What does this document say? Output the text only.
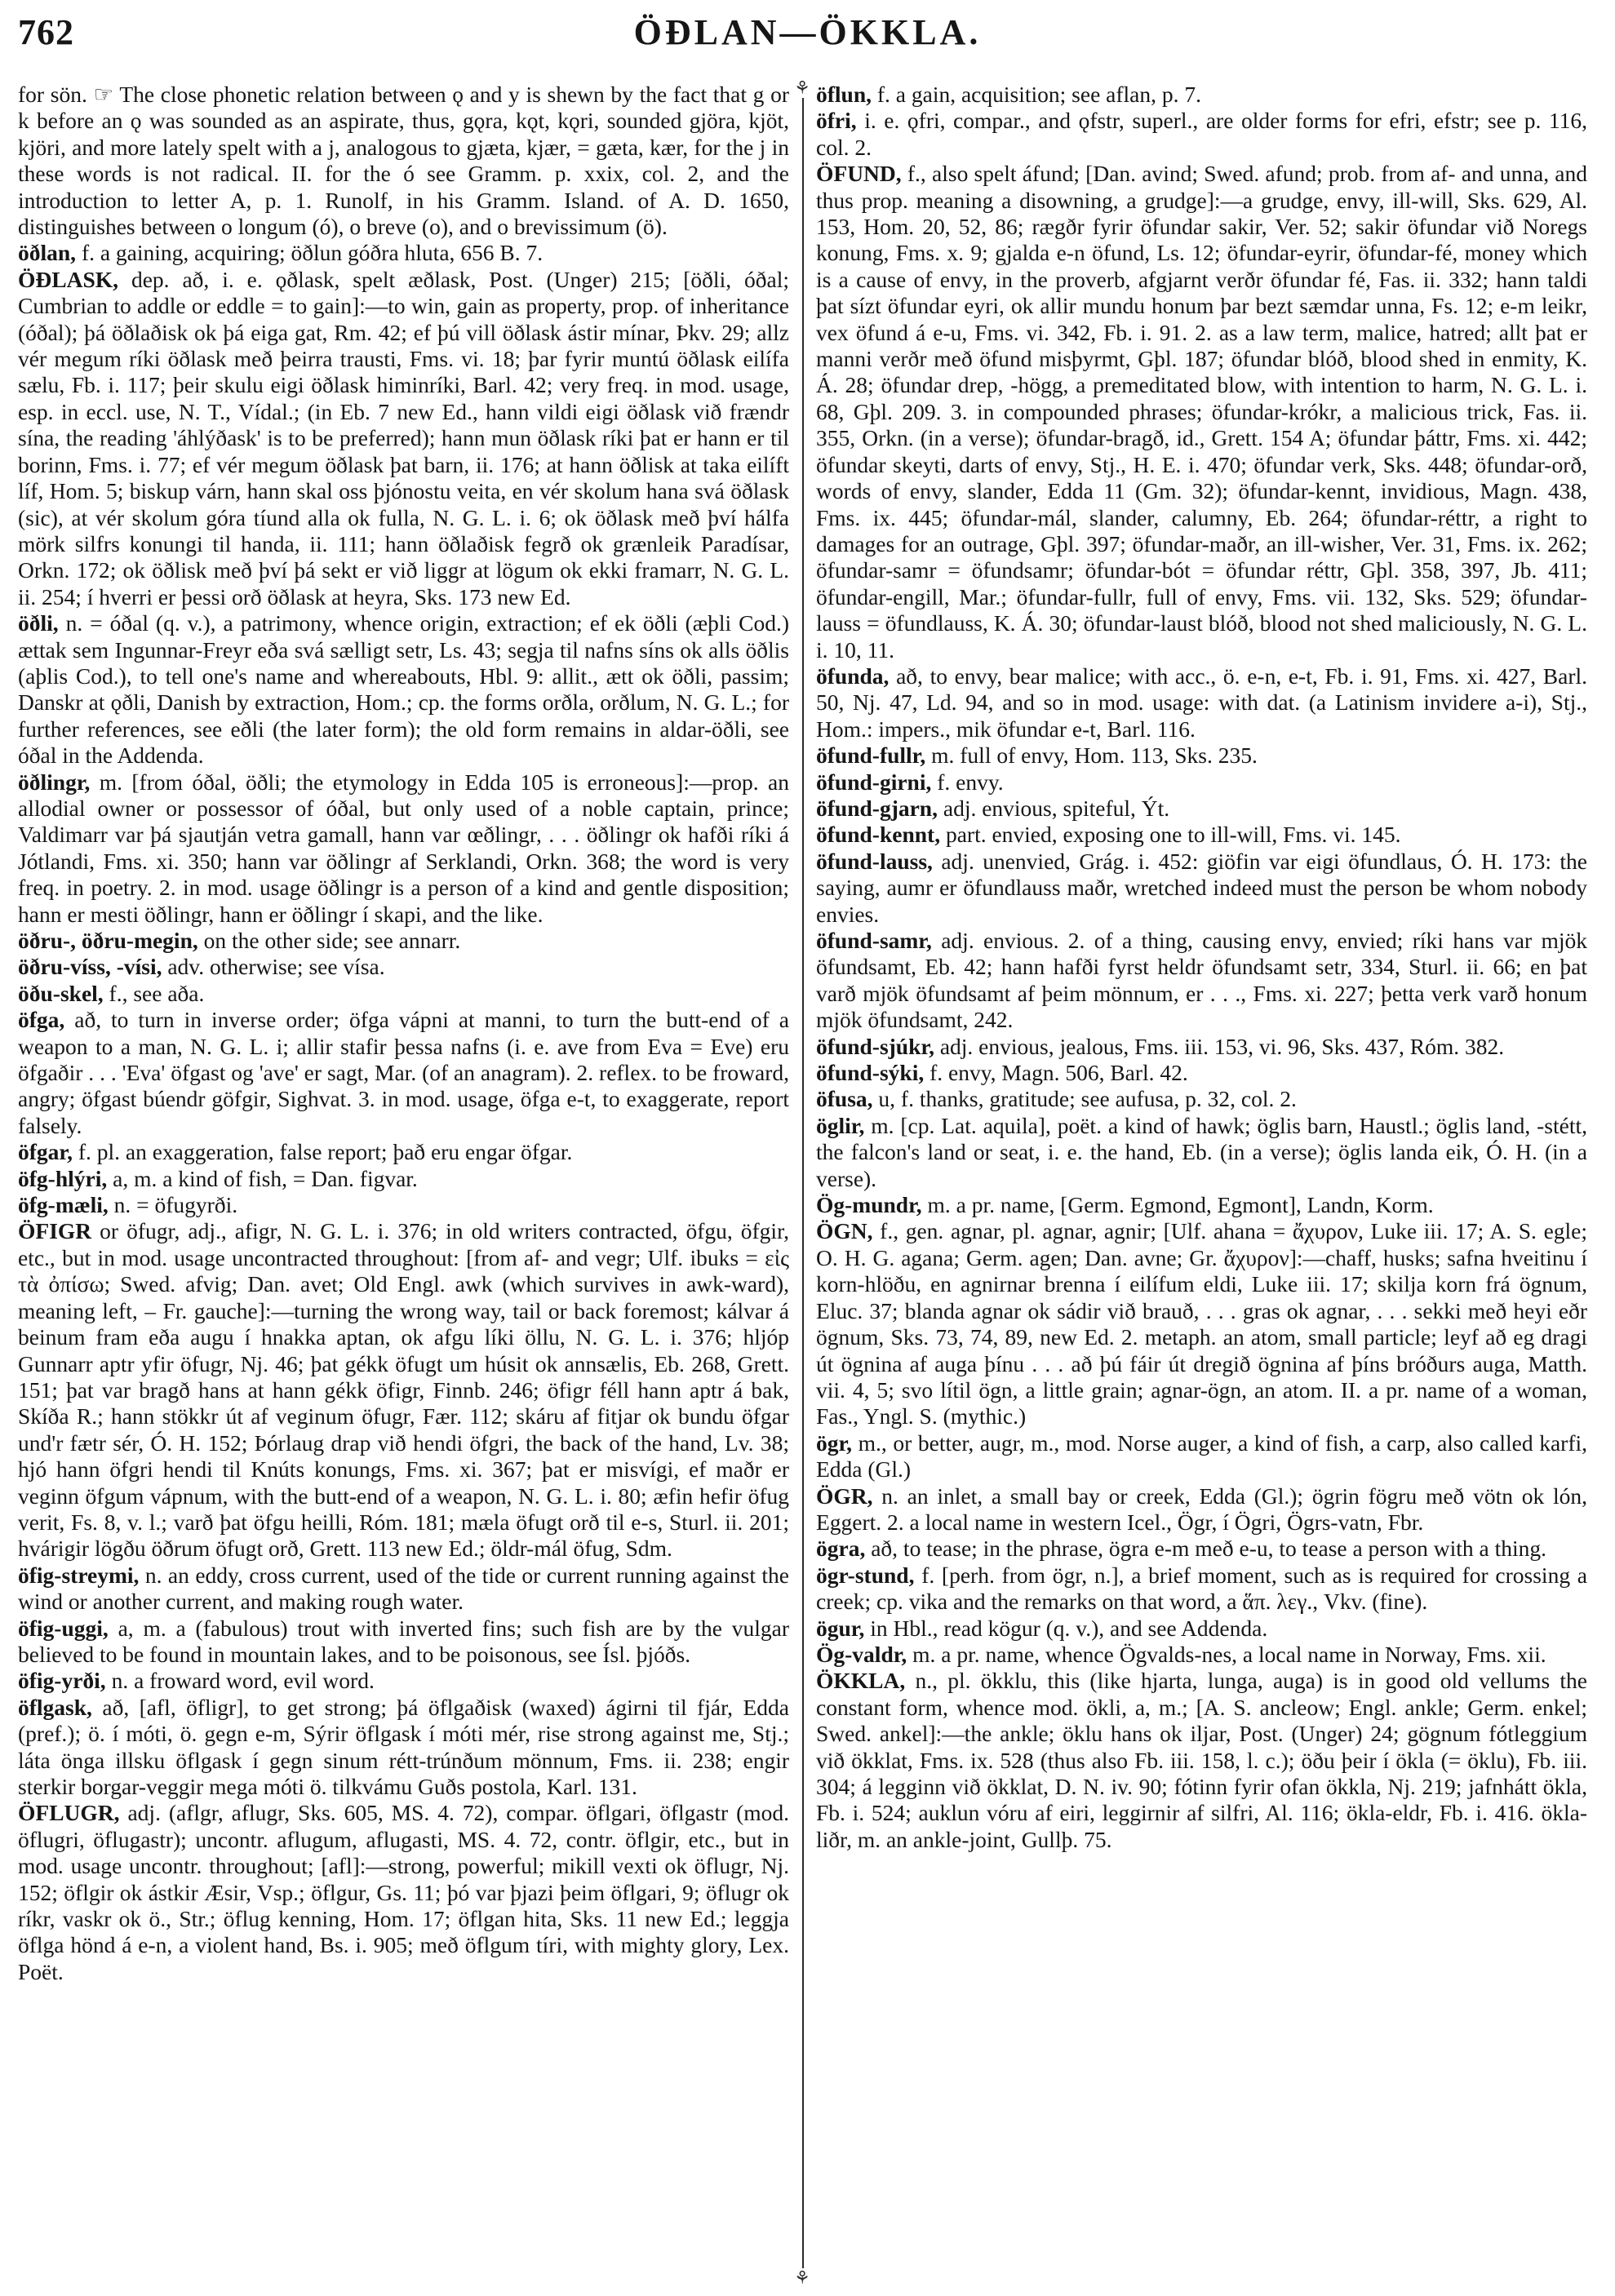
762	ÖÐLAN—ÖKKLA.
⚘
⚘

for sön. ☞ The close phonetic relation between ǫ and y is shewn by the fact that g or k before an ǫ was sounded as an aspirate, thus, gǫra, kǫt, kǫri, sounded gjöra, kjöt, kjöri, and more lately spelt with a j, analogous to gjæta, kjær, = gæta, kær, for the j in these words is not radical. II. for the ó see Gramm. p. xxix, col. 2, and the introduction to letter A, p. 1. Runolf, in his Gramm. Island. of A. D. 1650, distinguishes between o longum (ó), o breve (o), and o brevissimum (ö).

öðlan, f. a gaining, acquiring; öðlun góðra hluta, 656 B. 7.

ÖÐLASK, dep. að, i. e. ǫðlask, spelt æðlask, Post. (Unger) 215; [öðli, óðal; Cumbrian to addle or eddle = to gain]:—to win, gain as property, prop. of inheritance (óðal); þá öðlaðisk ok þá eiga gat, Rm. 42; ef þú vill öðlask ástir mínar, Þkv. 29; allz vér megum ríki öðlask með þeirra trausti, Fms. vi. 18; þar fyrir muntú öðlask eilífa sælu, Fb. i. 117; þeir skulu eigi öðlask himinríki, Barl. 42; very freq. in mod. usage, esp. in eccl. use, N. T., Vídal.; (in Eb. 7 new Ed., hann vildi eigi öðlask við frændr sína, the reading 'áhlýðask' is to be preferred); hann mun öðlask ríki þat er hann er til borinn, Fms. i. 77; ef vér megum öðlask þat barn, ii. 176; at hann öðlisk at taka eilíft líf, Hom. 5; biskup várn, hann skal oss þjónostu veita, en vér skolum hana svá öðlask (sic), at vér skolum góra tíund alla ok fulla, N. G. L. i. 6; ok öðlask með því hálfa mörk silfrs konungi til handa, ii. 111; hann öðlaðisk fegrð ok grænleik Paradísar, Orkn. 172; ok öðlisk með því þá sekt er við liggr at lögum ok ekki framarr, N. G. L. ii. 254; í hverri er þessi orð öðlask at heyra, Sks. 173 new Ed.

öðli, n. = óðal (q. v.), a patrimony, whence origin, extraction; ef ek öðli (æþli Cod.) ættak sem Ingunnar-Freyr eða svá sælligt setr, Ls. 43; segja til nafns síns ok alls öðlis (aþlis Cod.), to tell one's name and whereabouts, Hbl. 9: allit., ætt ok öðli, passim; Danskr at ǫðli, Danish by extraction, Hom.; cp. the forms orðla, orðlum, N. G. L.; for further references, see eðli (the later form); the old form remains in aldar-öðli, see óðal in the Addenda.

öðlingr, m. [from óðal, öðli; the etymology in Edda 105 is erroneous]:—prop. an allodial owner or possessor of óðal, but only used of a noble captain, prince; Valdimarr var þá sjautján vetra gamall, hann var œðlingr, . . . öðlingr ok hafði ríki á Jótlandi, Fms. xi. 350; hann var öðlingr af Serklandi, Orkn. 368; the word is very freq. in poetry. 2. in mod. usage öðlingr is a person of a kind and gentle disposition; hann er mesti öðlingr, hann er öðlingr í skapi, and the like.

öðru-, öðru-megin, on the other side; see annarr.

öðru-víss, -vísi, adv. otherwise; see vísa.

öðu-skel, f., see aða.

öfga, að, to turn in inverse order; öfga vápni at manni, to turn the butt-end of a weapon to a man, N. G. L. i; allir stafir þessa nafns (i. e. ave from Eva = Eve) eru öfgaðir . . . 'Eva' öfgast og 'ave' er sagt, Mar. (of an anagram). 2. reflex. to be froward, angry; öfgast búendr göfgir, Sighvat. 3. in mod. usage, öfga e-t, to exaggerate, report falsely.

öfgar, f. pl. an exaggeration, false report; það eru engar öfgar.

öfg-hlýri, a, m. a kind of fish, = Dan. figvar.

öfg-mæli, n. = öfugyrði.

ÖFIGR or öfugr, adj., afigr, N. G. L. i. 376; in old writers contracted, öfgu, öfgir, etc., but in mod. usage uncontracted throughout: [from af- and vegr; Ulf. ibuks = εἰς τὰ ὀπίσω; Swed. afvig; Dan. avet; Old Engl. awk (which survives in awk-ward), meaning left, – Fr. gauche]:—turning the wrong way, tail or back foremost; kálvar á beinum fram eða augu í hnakka aptan, ok afgu líki öllu, N. G. L. i. 376; hljóp Gunnarr aptr yfir öfugr, Nj. 46; þat gékk öfugt um húsit ok annsælis, Eb. 268, Grett. 151; þat var bragð hans at hann gékk öfigr, Finnb. 246; öfigr féll hann aptr á bak, Skíða R.; hann stökkr út af veginum öfugr, Fær. 112; skáru af fitjar ok bundu öfgar und'r fætr sér, Ó. H. 152; Þórlaug drap við hendi öfgri, the back of the hand, Lv. 38; hjó hann öfgri hendi til Knúts konungs, Fms. xi. 367; þat er misvígi, ef maðr er veginn öfgum vápnum, with the butt-end of a weapon, N. G. L. i. 80; æfin hefir öfug verit, Fs. 8, v. l.; varð þat öfgu heilli, Róm. 181; mæla öfugt orð til e-s, Sturl. ii. 201; hvárigir lögðu öðrum öfugt orð, Grett. 113 new Ed.; öldr-mál öfug, Sdm.

öfig-streymi, n. an eddy, cross current, used of the tide or current running against the wind or another current, and making rough water.

öfig-uggi, a, m. a (fabulous) trout with inverted fins; such fish are by the vulgar believed to be found in mountain lakes, and to be poisonous, see Ísl. þjóðs.

öfig-yrði, n. a froward word, evil word.

öflgask, að, [afl, öfligr], to get strong; þá öflgaðisk (waxed) ágirni til fjár, Edda (pref.); ö. í móti, ö. gegn e-m, Sýrir öflgask í móti mér, rise strong against me, Stj.; láta önga illsku öflgask í gegn sinum rétt-trúnðum mönnum, Fms. ii. 238; engir sterkir borgar-veggir mega móti ö. tilkvámu Guðs postola, Karl. 131.

ÖFLUGR, adj. (aflgr, aflugr, Sks. 605, MS. 4. 72), compar. öflgari, öflgastr (mod. öflugri, öflugastr); uncontr. aflugum, aflugasti, MS. 4. 72, contr. öflgir, etc., but in mod. usage uncontr. throughout; [afl]:—strong, powerful; mikill vexti ok öflugr, Nj. 152; öflgir ok ástkir Æsir, Vsp.; öflgur, Gs. 11; þó var þjazi þeim öflgari, 9; öflugr ok ríkr, vaskr ok ö., Str.; öflug kenning, Hom. 17; öflgan hita, Sks. 11 new Ed.; leggja öflga hönd á e-n, a violent hand, Bs. i. 905; með öflgum tíri, with mighty glory, Lex. Poët.

öflun, f. a gain, acquisition; see aflan, p. 7.

öfri, i. e. ǫfri, compar., and ǫfstr, superl., are older forms for efri, efstr; see p. 116, col. 2.

ÖFUND, f., also spelt áfund; [Dan. avind; Swed. afund; prob. from af- and unna, and thus prop. meaning a disowning, a grudge]:—a grudge, envy, ill-will, Sks. 629, Al. 153, Hom. 20, 52, 86; rægðr fyrir öfundar sakir, Ver. 52; sakir öfundar við Noregs konung, Fms. x. 9; gjalda e-n öfund, Ls. 12; öfundar-eyrir, öfundar-fé, money which is a cause of envy, in the proverb, afgjarnt verðr öfundar fé, Fas. ii. 332; hann taldi þat sízt öfundar eyri, ok allir mundu honum þar bezt sæmdar unna, Fs. 12; e-m leikr, vex öfund á e-u, Fms. vi. 342, Fb. i. 91. 2. as a law term, malice, hatred; allt þat er manni verðr með öfund misþyrmt, Gþl. 187; öfundar blóð, blood shed in enmity, K. Á. 28; öfundar drep, -högg, a premeditated blow, with intention to harm, N. G. L. i. 68, Gþl. 209. 3. in compounded phrases; öfundar-krókr, a malicious trick, Fas. ii. 355, Orkn. (in a verse); öfundar-bragð, id., Grett. 154 A; öfundar þáttr, Fms. xi. 442; öfundar skeyti, darts of envy, Stj., H. E. i. 470; öfundar verk, Sks. 448; öfundar-orð, words of envy, slander, Edda 11 (Gm. 32); öfundar-kennt, invidious, Magn. 438, Fms. ix. 445; öfundar-mál, slander, calumny, Eb. 264; öfundar-réttr, a right to damages for an outrage, Gþl. 397; öfundar-maðr, an ill-wisher, Ver. 31, Fms. ix. 262; öfundar-samr = öfundsamr; öfundar-bót = öfundar réttr, Gþl. 358, 397, Jb. 411; öfundar-engill, Mar.; öfundar-fullr, full of envy, Fms. vii. 132, Sks. 529; öfundar-lauss = öfundlauss, K. Á. 30; öfundar-laust blóð, blood not shed maliciously, N. G. L. i. 10, 11.

öfunda, að, to envy, bear malice; with acc., ö. e-n, e-t, Fb. i. 91, Fms. xi. 427, Barl. 50, Nj. 47, Ld. 94, and so in mod. usage: with dat. (a Latinism invidere a-i), Stj., Hom.: impers., mik öfundar e-t, Barl. 116.

öfund-fullr, m. full of envy, Hom. 113, Sks. 235.

öfund-girni, f. envy.

öfund-gjarn, adj. envious, spiteful, Ýt.

öfund-kennt, part. envied, exposing one to ill-will, Fms. vi. 145.

öfund-lauss, adj. unenvied, Grág. i. 452: giöfin var eigi öfundlaus, Ó. H. 173: the saying, aumr er öfundlauss maðr, wretched indeed must the person be whom nobody envies.

öfund-samr, adj. envious. 2. of a thing, causing envy, envied; ríki hans var mjök öfundsamt, Eb. 42; hann hafði fyrst heldr öfundsamt setr, 334, Sturl. ii. 66; en þat varð mjök öfundsamt af þeim mönnum, er . . ., Fms. xi. 227; þetta verk varð honum mjök öfundsamt, 242.

öfund-sjúkr, adj. envious, jealous, Fms. iii. 153, vi. 96, Sks. 437, Róm. 382.

öfund-sýki, f. envy, Magn. 506, Barl. 42.

öfusa, u, f. thanks, gratitude; see aufusa, p. 32, col. 2.

öglir, m. [cp. Lat. aquila], poët. a kind of hawk; öglis barn, Haustl.; öglis land, -stétt, the falcon's land or seat, i. e. the hand, Eb. (in a verse); öglis landa eik, Ó. H. (in a verse).

Ög-mundr, m. a pr. name, [Germ. Egmond, Egmont], Landn, Korm.

ÖGN, f., gen. agnar, pl. agnar, agnir; [Ulf. ahana = ἄχυρον, Luke iii. 17; A. S. egle; O. H. G. agana; Germ. agen; Dan. avne; Gr. ἄχυρον]:—chaff, husks; safna hveitinu í korn-hlöðu, en agnirnar brenna í eilífum eldi, Luke iii. 17; skilja korn frá ögnum, Eluc. 37; blanda agnar ok sádir við brauð, . . . gras ok agnar, . . . sekki með heyi eðr ögnum, Sks. 73, 74, 89, new Ed. 2. metaph. an atom, small particle; leyf að eg dragi út ögnina af auga þínu . . . að þú fáir út dregið ögnina af þíns bróðurs auga, Matth. vii. 4, 5; svo lítil ögn, a little grain; agnar-ögn, an atom. II. a pr. name of a woman, Fas., Yngl. S. (mythic.)

ögr, m., or better, augr, m., mod. Norse auger, a kind of fish, a carp, also called karfi, Edda (Gl.)

ÖGR, n. an inlet, a small bay or creek, Edda (Gl.); ögrin fögru með vötn ok lón, Eggert. 2. a local name in western Icel., Ögr, í Ögri, Ögrs-vatn, Fbr.

ögra, að, to tease; in the phrase, ögra e-m með e-u, to tease a person with a thing.

ögr-stund, f. [perh. from ögr, n.], a brief moment, such as is required for crossing a creek; cp. vika and the remarks on that word, a ἅπ. λεγ., Vkv. (fine).

ögur, in Hbl., read kögur (q. v.), and see Addenda.

Ög-valdr, m. a pr. name, whence Ögvalds-nes, a local name in Norway, Fms. xii.

ÖKKLA, n., pl. ökklu, this (like hjarta, lunga, auga) is in good old vellums the constant form, whence mod. ökli, a, m.; [A. S. ancleow; Engl. ankle; Germ. enkel; Swed. ankel]:—the ankle; öklu hans ok iljar, Post. (Unger) 24; gögnum fótleggium við ökklat, Fms. ix. 528 (thus also Fb. iii. 158, l. c.); öðu þeir í ökla (= öklu), Fb. iii. 304; á legginn við ökklat, D. N. iv. 90; fótinn fyrir ofan ökkla, Nj. 219; jafnhátt ökla, Fb. i. 524; auklun vóru af eiri, leggirnir af silfri, Al. 116; ökla-eldr, Fb. i. 416. ökla-liðr, m. an ankle-joint, Gullþ. 75.
